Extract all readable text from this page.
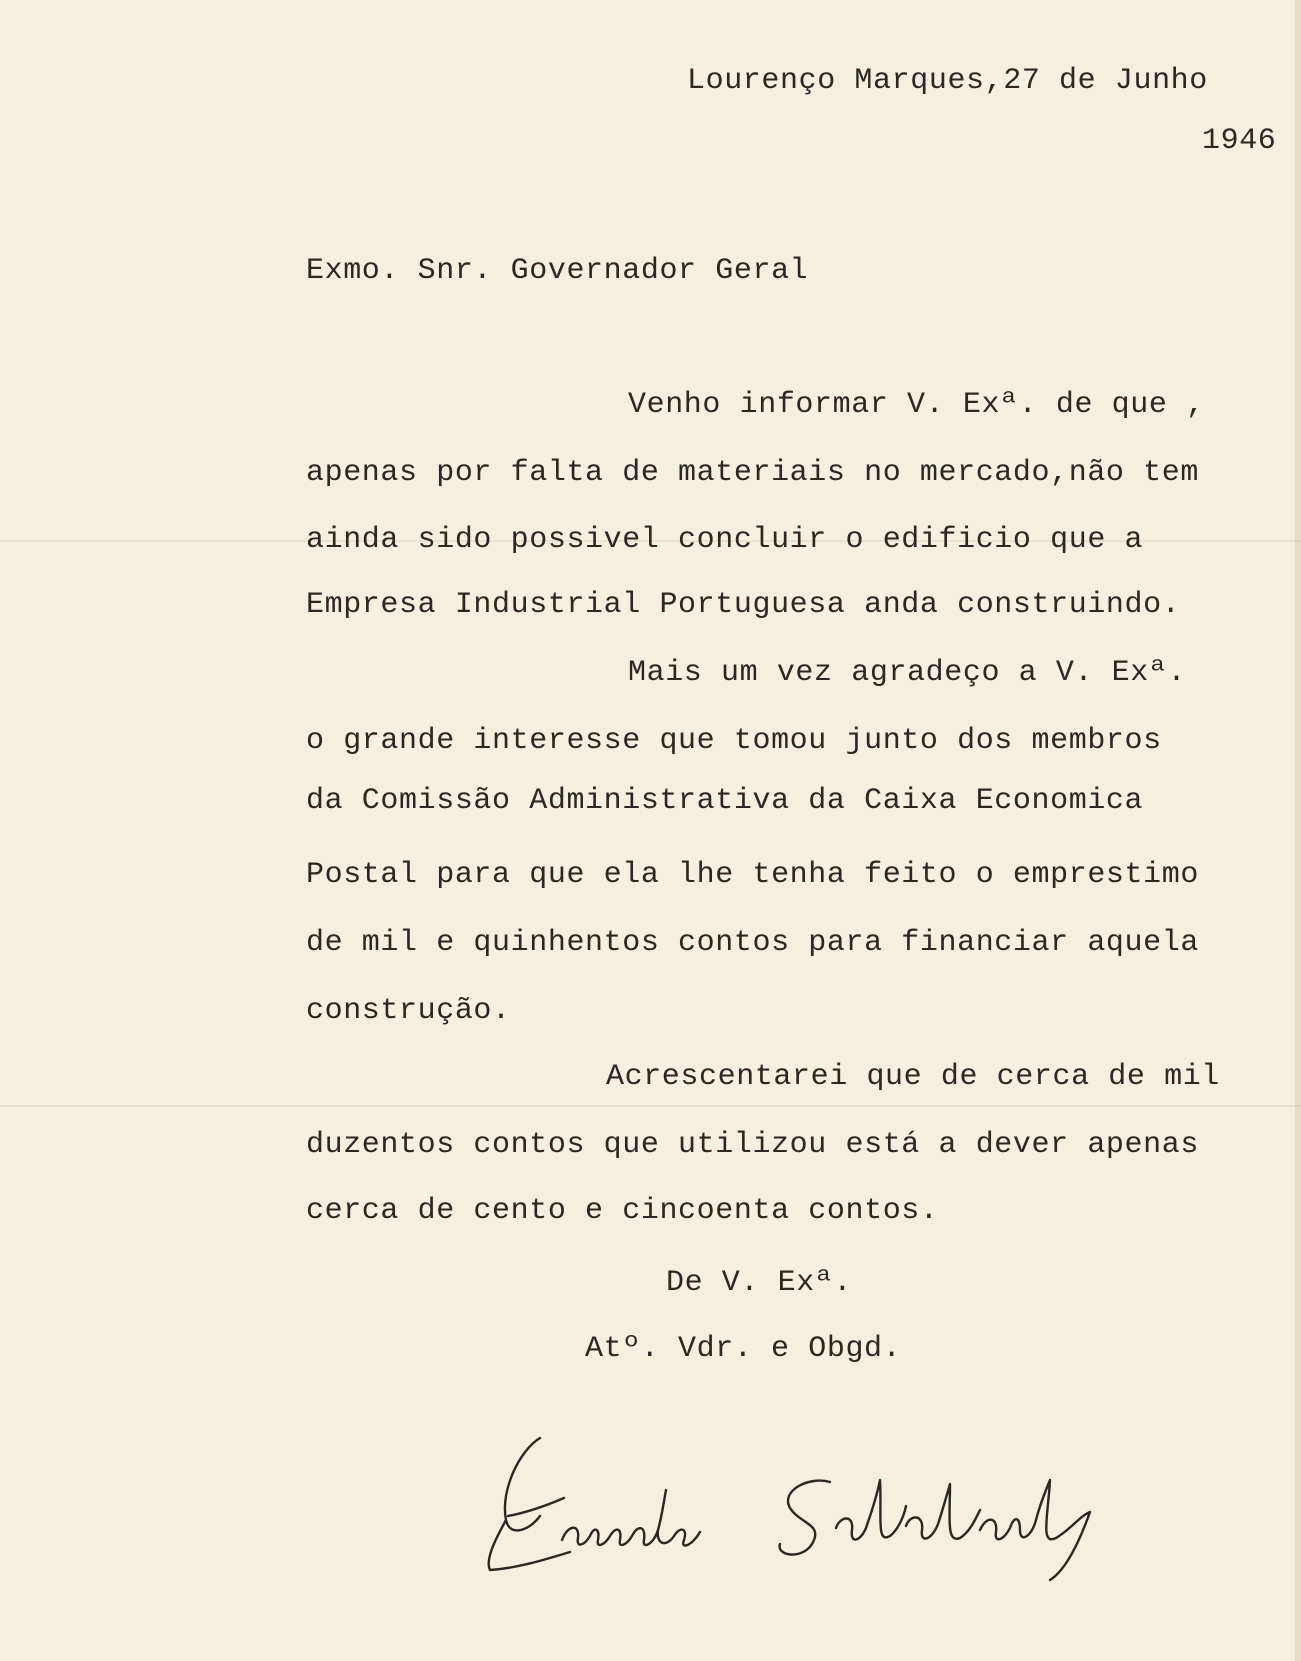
Lourenço Marques,27 de Junho
1946
Exmo. Snr. Governador Geral
Venho informar V. Exª. de que ,
apenas por falta de materiais no mercado,não tem
ainda sido possivel concluir o edificio que a
Empresa Industrial Portuguesa anda construindo.
Mais um vez agradeço a V. Exª.
o grande interesse que tomou junto dos membros
da Comissão Administrativa da Caixa Economica
Postal para que ela lhe tenha feito o emprestimo
de mil e quinhentos contos para financiar aquela
construção.
Acrescentarei que de cerca de mil
duzentos contos que utilizou está a dever apenas
cerca de cento e cincoenta contos.
De V. Exª.
Atº. Vdr. e Obgd.
